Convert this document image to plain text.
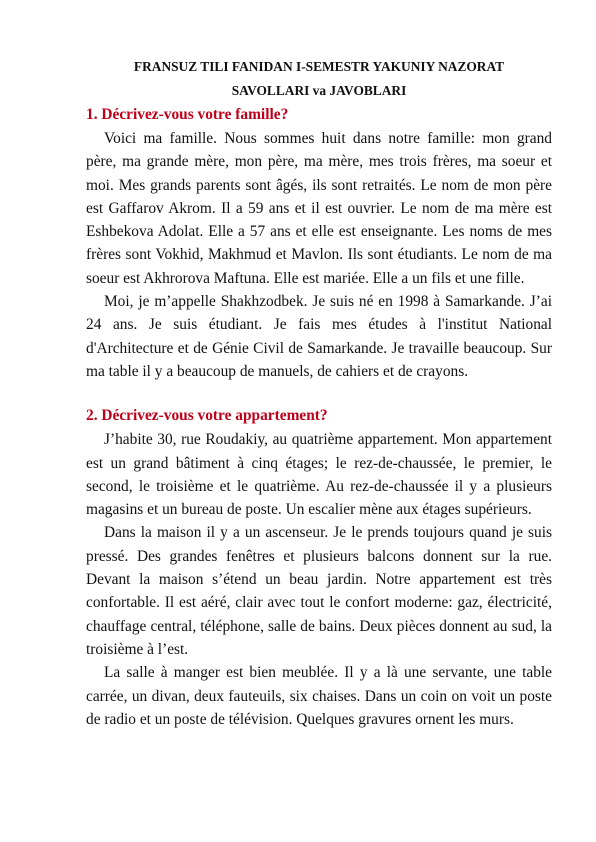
FRANSUZ TILI FANIDAN I-SEMESTR YAKUNIY NAZORAT
SAVOLLARI va JAVOBLARI
1. Décrivez-vous votre famille?

Voici ma famille. Nous sommes huit dans notre famille: mon grand père, ma grande mère, mon père, ma mère, mes trois frères, ma soeur et moi. Mes grands parents sont âgés, ils sont retraités. Le nom de mon père est Gaffarov Akrom. Il a 59 ans et il est ouvrier. Le nom de ma mère est Eshbekova Adolat. Elle a 57 ans et elle est enseignante. Les noms de mes frères sont Vokhid, Makhmud et Mavlon. Ils sont étudiants. Le nom de ma soeur est Akhrorova Maftuna. Elle est mariée. Elle a un fils et une fille.

Moi, je m’appelle Shakhzodbek. Je suis né en 1998 à Samarkande. J’ai 24 ans. Je suis étudiant. Je fais mes études à l'institut National d'Architecture et de Génie Civil de Samarkande. Je travaille beaucoup. Sur ma table il y a beaucoup de manuels, de cahiers et de crayons.

2. Décrivez-vous votre appartement?

J’habite 30, rue Roudakiy, au quatrième appartement. Mon appartement est un grand bâtiment à cinq étages; le rez-de-chaussée, le premier, le second, le troisième et le quatrième. Au rez-de-chaussée il y a plusieurs magasins et un bureau de poste. Un escalier mène aux étages supérieurs.

Dans la maison il y a un ascenseur. Je le prends toujours quand je suis pressé. Des grandes fenêtres et plusieurs balcons donnent sur la rue. Devant la maison s’étend un beau jardin. Notre appartement est très confortable. Il est aéré, clair avec tout le confort moderne: gaz, électricité, chauffage central, téléphone, salle de bains. Deux pièces donnent au sud, la troisième à l’est.

La salle à manger est bien meublée. Il y a là une servante, une table carrée, un divan, deux fauteuils, six chaises. Dans un coin on voit un poste de radio et un poste de télévision. Quelques gravures ornent les murs.
